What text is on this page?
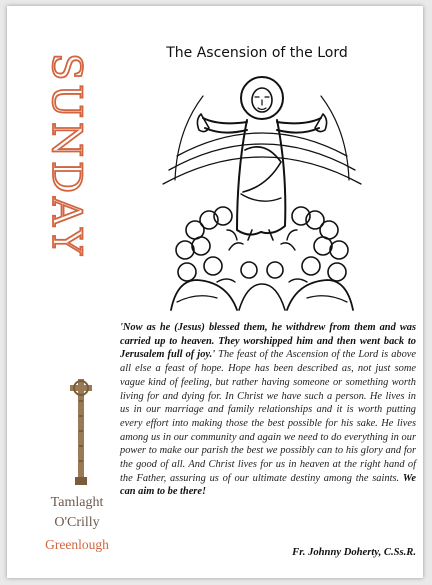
SUNDAY	The Ascension of the Lord
Tamlaght
O'Crilly
Greenlough

'Now as he (Jesus) blessed them, he withdrew from them and was carried up to heaven. They worshipped him and then went back to Jerusalem full of joy.' The feast of the Ascension of the Lord is above all else a feast of hope. Hope has been described as, not just some vague kind of feeling, but rather having someone or something worth living for and dying for. In Christ we have such a person. He lives in us in our marriage and family relationships and it is worth putting every effort into making those the best possible for his sake. He lives among us in our community and again we need to do everything in our power to make our parish the best we possibly can to his glory and for the good of all. And Christ lives for us in heaven at the right hand of the Father, assuring us of our ultimate destiny among the saints. We can aim to be there!

Fr. Johnny Doherty, C.Ss.R.
